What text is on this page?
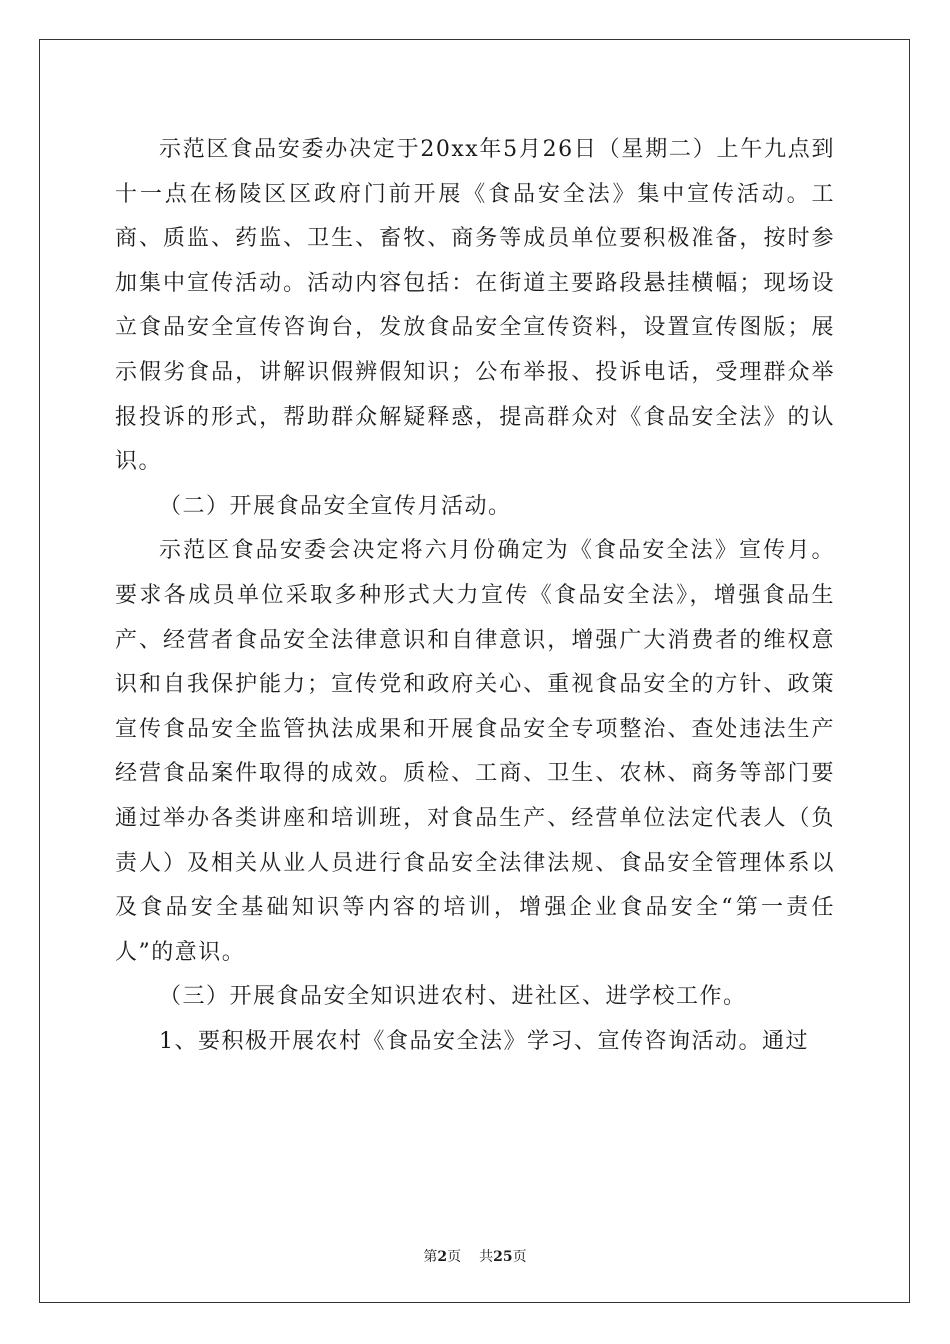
示范区食品安委办决定于20xx年5月26日（星期二）上午九点到十一点在杨陵区区政府门前开展《食品安全法》集中宣传活动。工商、质监、药监、卫生、畜牧、商务等成员单位要积极准备，按时参加集中宣传活动。活动内容包括：在街道主要路段悬挂横幅；现场设立食品安全宣传咨询台，发放食品安全宣传资料，设置宣传图版；展示假劣食品，讲解识假辨假知识；公布举报、投诉电话，受理群众举报投诉的形式，帮助群众解疑释惑，提高群众对《食品安全法》的认识。

（二）开展食品安全宣传月活动。

示范区食品安委会决定将六月份确定为《食品安全法》宣传月。要求各成员单位采取多种形式大力宣传《食品安全法》，增强食品生产、经营者食品安全法律意识和自律意识，增强广大消费者的维权意识和自我保护能力；宣传党和政府关心、重视食品安全的方针、政策宣传食品安全监管执法成果和开展食品安全专项整治、查处违法生产经营食品案件取得的成效。质检、工商、卫生、农林、商务等部门要通过举办各类讲座和培训班，对食品生产、经营单位法定代表人（负责人）及相关从业人员进行食品安全法律法规、食品安全管理体系以及食品安全基础知识等内容的培训，增强企业食品安全“第一责任人”的意识。

（三）开展食品安全知识进农村、进社区、进学校工作。

1、要积极开展农村《食品安全法》学习、宣传咨询活动。通过

第2页 共25页
